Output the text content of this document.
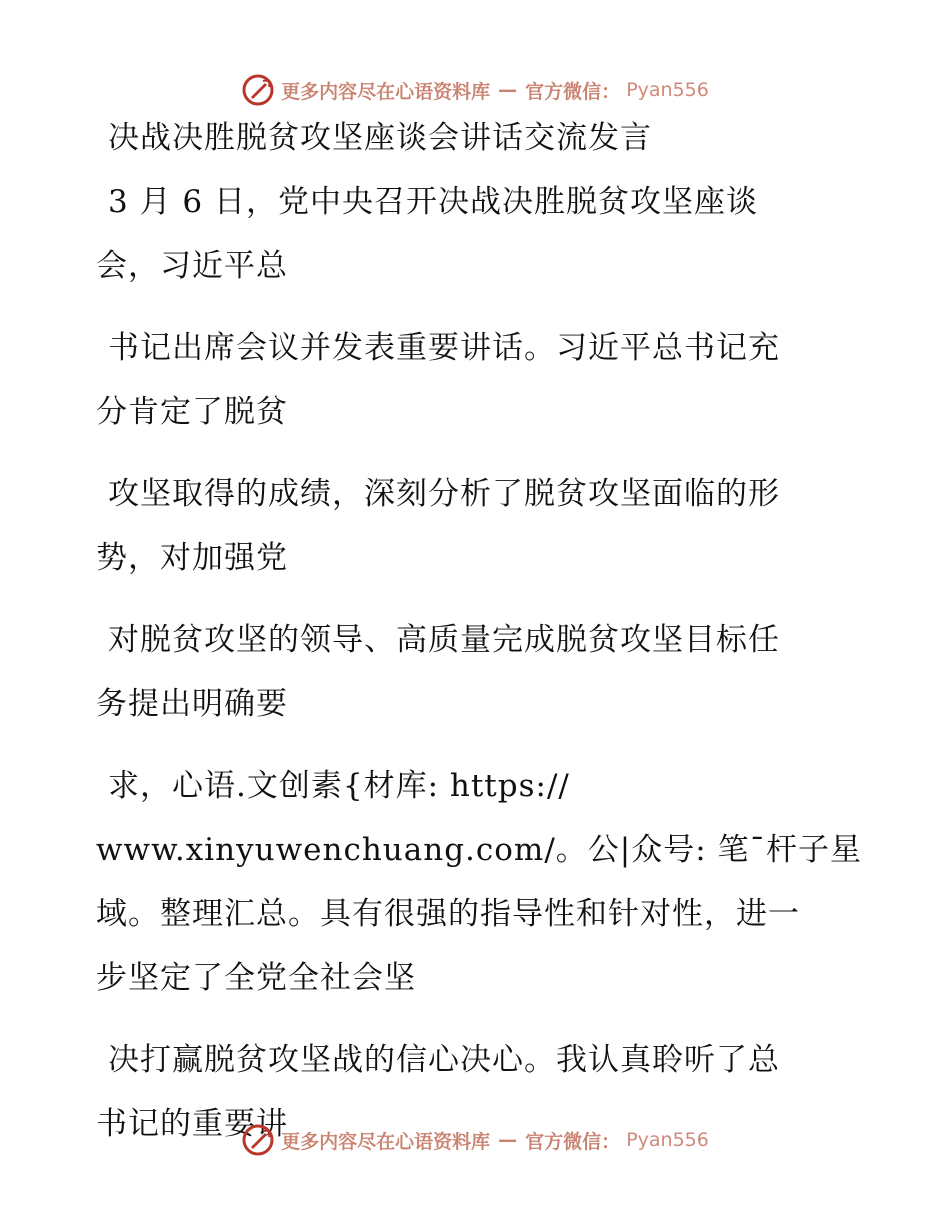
更多内容尽在心语资料库 — 官方微信： Pyan556
决战决胜脱贫攻坚座谈会讲话交流发言
3 月 6 日，党中央召开决战决胜脱贫攻坚座谈
会，习近平总
书记出席会议并发表重要讲话。习近平总书记充
分肯定了脱贫
攻坚取得的成绩，深刻分析了脱贫攻坚面临的形
势，对加强党
对脱贫攻坚的领导、高质量完成脱贫攻坚目标任
务提出明确要
求，心语.文创素{材库: https://
www.xinyuwenchuang.com/。公|众号: 笔¯杆子星
域。整理汇总。具有很强的指导性和针对性，进一
步坚定了全党全社会坚
决打赢脱贫攻坚战的信心决心。我认真聆听了总
书记的重要讲
更多内容尽在心语资料库 — 官方微信： Pyan556
